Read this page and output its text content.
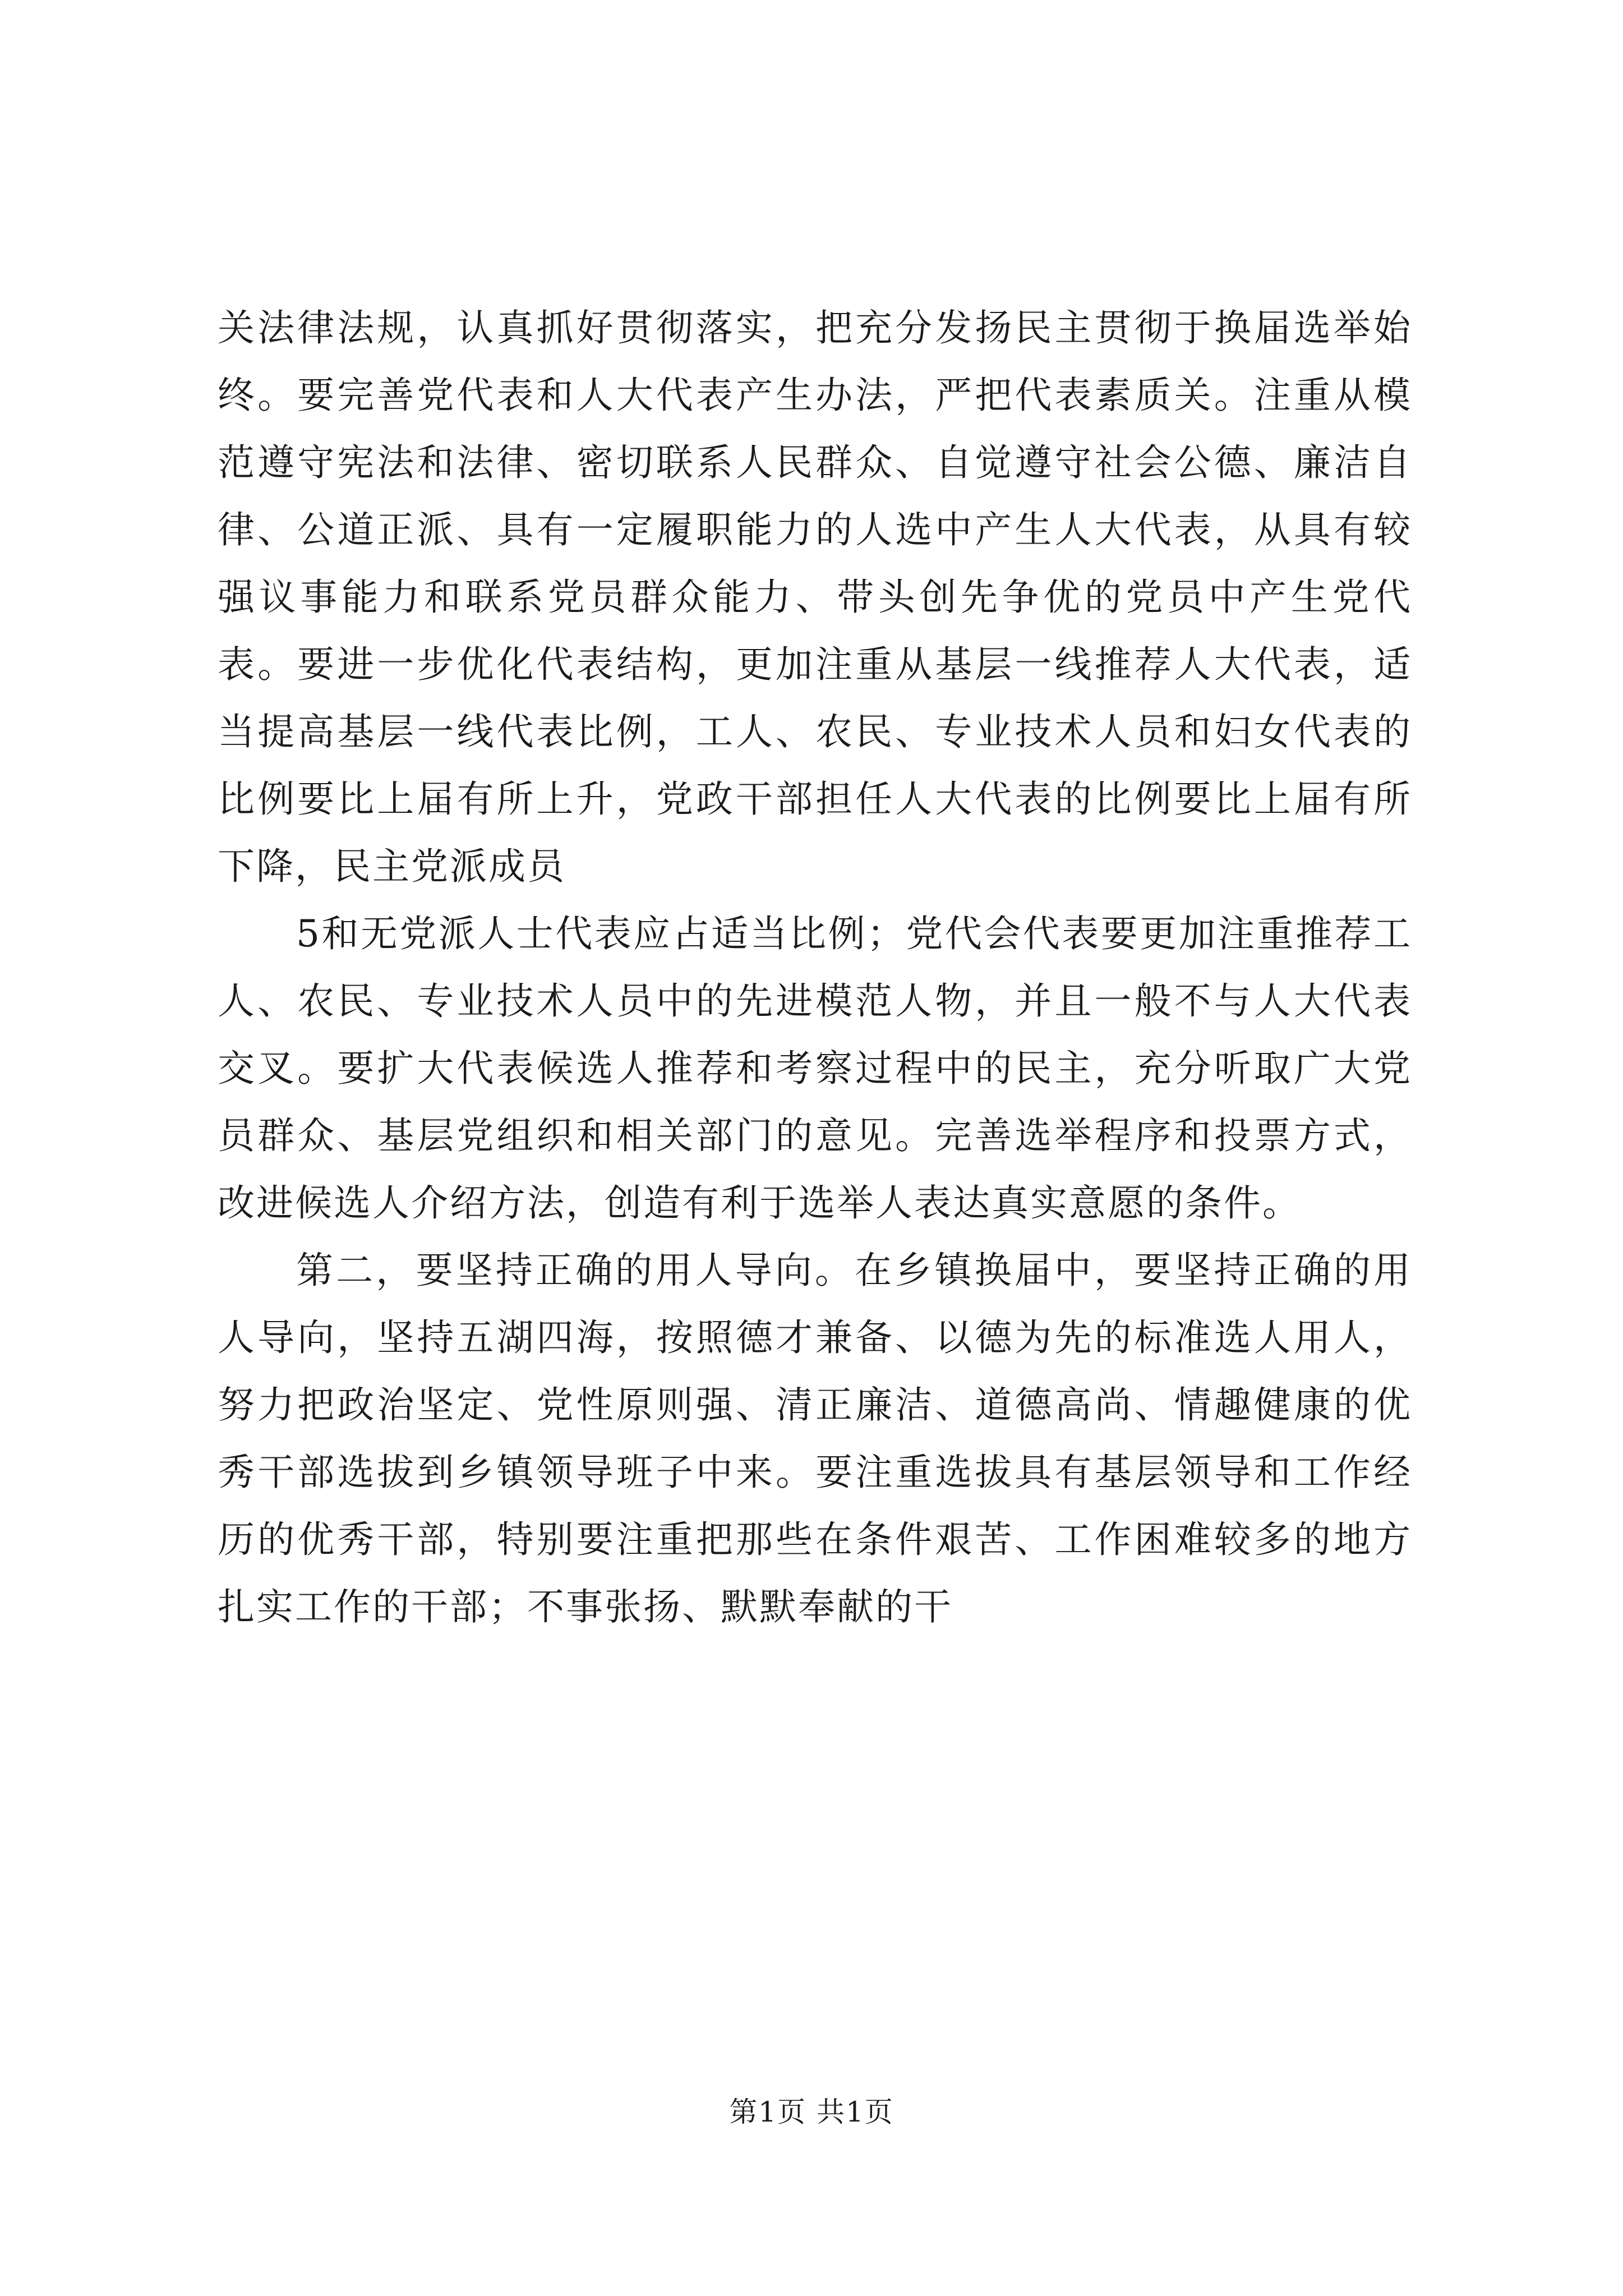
关法律法规，认真抓好贯彻落实，把充分发扬民主贯彻于换届选举始终。要完善党代表和人大代表产生办法，严把代表素质关。注重从模范遵守宪法和法律、密切联系人民群众、自觉遵守社会公德、廉洁自律、公道正派、具有一定履职能力的人选中产生人大代表，从具有较强议事能力和联系党员群众能力、带头创先争优的党员中产生党代表。要进一步优化代表结构，更加注重从基层一线推荐人大代表，适当提高基层一线代表比例，工人、农民、专业技术人员和妇女代表的比例要比上届有所上升，党政干部担任人大代表的比例要比上届有所下降，民主党派成员

5和无党派人士代表应占适当比例；党代会代表要更加注重推荐工人、农民、专业技术人员中的先进模范人物，并且一般不与人大代表交叉。要扩大代表候选人推荐和考察过程中的民主，充分听取广大党员群众、基层党组织和相关部门的意见。完善选举程序和投票方式，改进候选人介绍方法，创造有利于选举人表达真实意愿的条件。

第二，要坚持正确的用人导向。在乡镇换届中，要坚持正确的用人导向，坚持五湖四海，按照德才兼备、以德为先的标准选人用人，努力把政治坚定、党性原则强、清正廉洁、道德高尚、情趣健康的优秀干部选拔到乡镇领导班子中来。要注重选拔具有基层领导和工作经历的优秀干部，特别要注重把那些在条件艰苦、工作困难较多的地方扎实工作的干部；不事张扬、默默奉献的干

第1页 共1页
